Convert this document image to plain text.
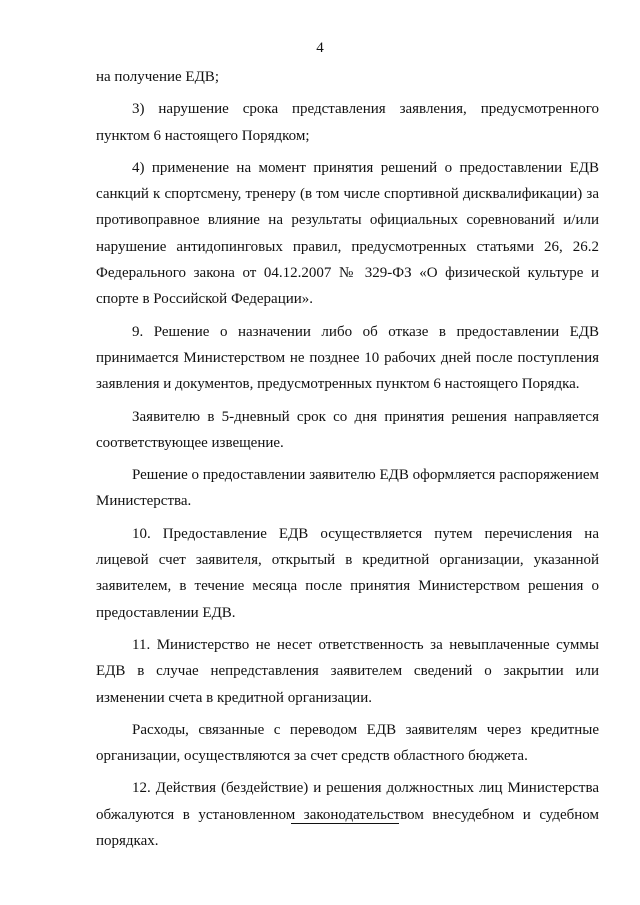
4

на получение ЕДВ;

3) нарушение срока представления заявления, предусмотренного пунктом 6 настоящего Порядком;

4) применение на момент принятия решений о предоставлении ЕДВ санкций к спортсмену, тренеру (в том числе спортивной дисквалификации) за противоправное влияние на результаты официальных соревнований и/или нарушение антидопинговых правил, предусмотренных статьями 26, 26.2 Федерального закона от 04.12.2007 № 329-ФЗ «О физической культуре и спорте в Российской Федерации».

9. Решение о назначении либо об отказе в предоставлении ЕДВ принимается Министерством не позднее 10 рабочих дней после поступления заявления и документов, предусмотренных пунктом 6 настоящего Порядка.

Заявителю в 5-дневный срок со дня принятия решения направляется соответствующее извещение.

Решение о предоставлении заявителю ЕДВ оформляется распоряжением Министерства.

10. Предоставление ЕДВ осуществляется путем перечисления на лицевой счет заявителя, открытый в кредитной организации, указанной заявителем, в течение месяца после принятия Министерством решения о предоставлении ЕДВ.

11. Министерство не несет ответственность за невыплаченные суммы ЕДВ в случае непредставления заявителем сведений о закрытии или изменении счета в кредитной организации.

Расходы, связанные с переводом ЕДВ заявителям через кредитные организации, осуществляются за счет средств областного бюджета.

12. Действия (бездействие) и решения должностных лиц Министерства обжалуются в установленном законодательством внесудебном и судебном порядках.
